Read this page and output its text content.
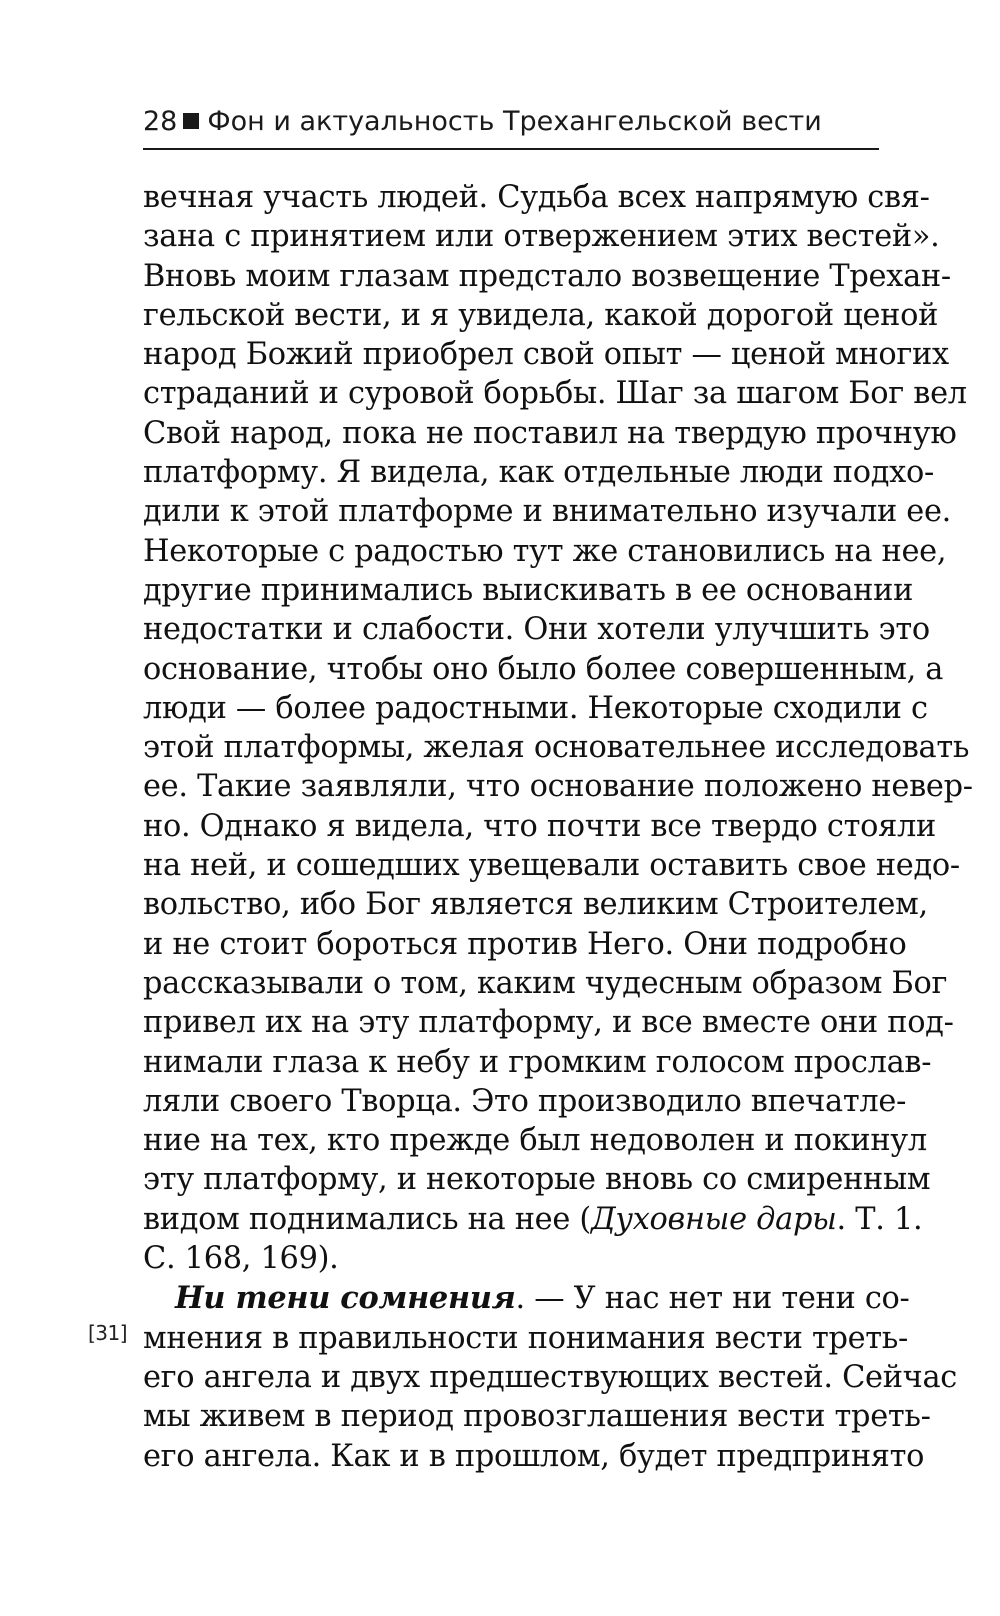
28 Фон и актуальность Трехангельской вести
[31]
вечная участь людей. Судьба всех напрямую свя-
зана с принятием или отвержением этих вестей».
Вновь моим глазам предстало возвещение Трехан-
гельской вести, и я увидела, какой дорогой ценой
народ Божий приобрел свой опыт — ценой многих
страданий и суровой борьбы. Шаг за шагом Бог вел
Свой народ, пока не поставил на твердую прочную
платформу. Я видела, как отдельные люди подхо-
дили к этой платформе и внимательно изучали ее.
Некоторые с радостью тут же становились на нее,
другие принимались выискивать в ее основании
недостатки и слабости. Они хотели улучшить это
основание, чтобы оно было более совершенным, а
люди — более радостными. Некоторые сходили с
этой платформы, желая основательнее исследовать
ее. Такие заявляли, что основание положено невер-
но. Однако я видела, что почти все твердо стояли
на ней, и сошедших увещевали оставить свое недо-
вольство, ибо Бог является великим Строителем,
и не стоит бороться против Него. Они подробно
рассказывали о том, каким чудесным образом Бог
привел их на эту платформу, и все вместе они под-
нимали глаза к небу и громким голосом прослав-
ляли своего Творца. Это производило впечатле-
ние на тех, кто прежде был недоволен и покинул
эту платформу, и некоторые вновь со смиренным
видом поднимались на нее (Духовные дары. Т. 1.
С. 168, 169).
Ни тени сомнения. — У нас нет ни тени со-
мнения в правильности понимания вести треть-
его ангела и двух предшествующих вестей. Сейчас
мы живем в период провозглашения вести треть-
его ангела. Как и в прошлом, будет предпринято
